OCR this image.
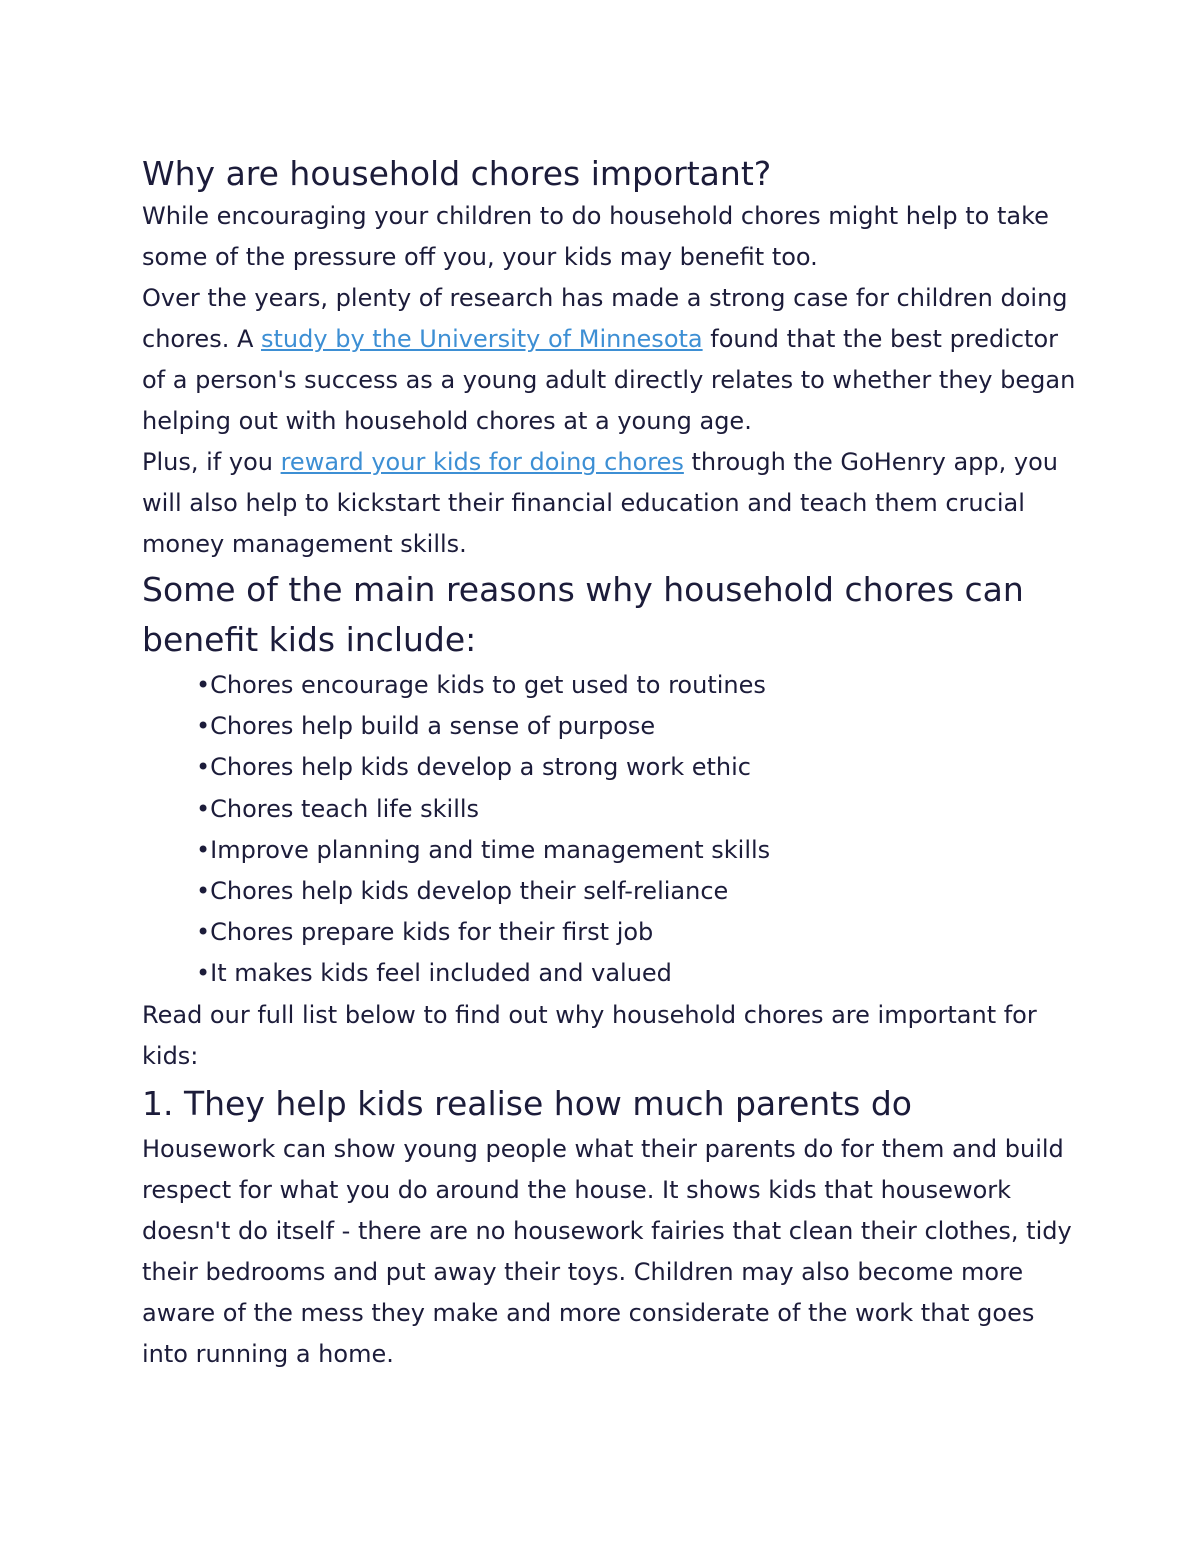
Why are household chores important?

While encouraging your children to do household chores might help to take some of the pressure off you, your kids may benefit too.

Over the years, plenty of research has made a strong case for children doing chores. A study by the University of Minnesota found that the best predictor of a person's success as a young adult directly relates to whether they began helping out with household chores at a young age.

Plus, if you reward your kids for doing chores through the GoHenry app, you will also help to kickstart their financial education and teach them crucial money management skills.

Some of the main reasons why household chores can benefit kids include:
•Chores encourage kids to get used to routines
•Chores help build a sense of purpose
•Chores help kids develop a strong work ethic
•Chores teach life skills
•Improve planning and time management skills
•Chores help kids develop their self-reliance
•Chores prepare kids for their first job
•It makes kids feel included and valued

Read our full list below to find out why household chores are important for kids:

1. They help kids realise how much parents do

Housework can show young people what their parents do for them and build respect for what you do around the house. It shows kids that housework doesn't do itself - there are no housework fairies that clean their clothes, tidy their bedrooms and put away their toys. Children may also become more aware of the mess they make and more considerate of the work that goes into running a home.
